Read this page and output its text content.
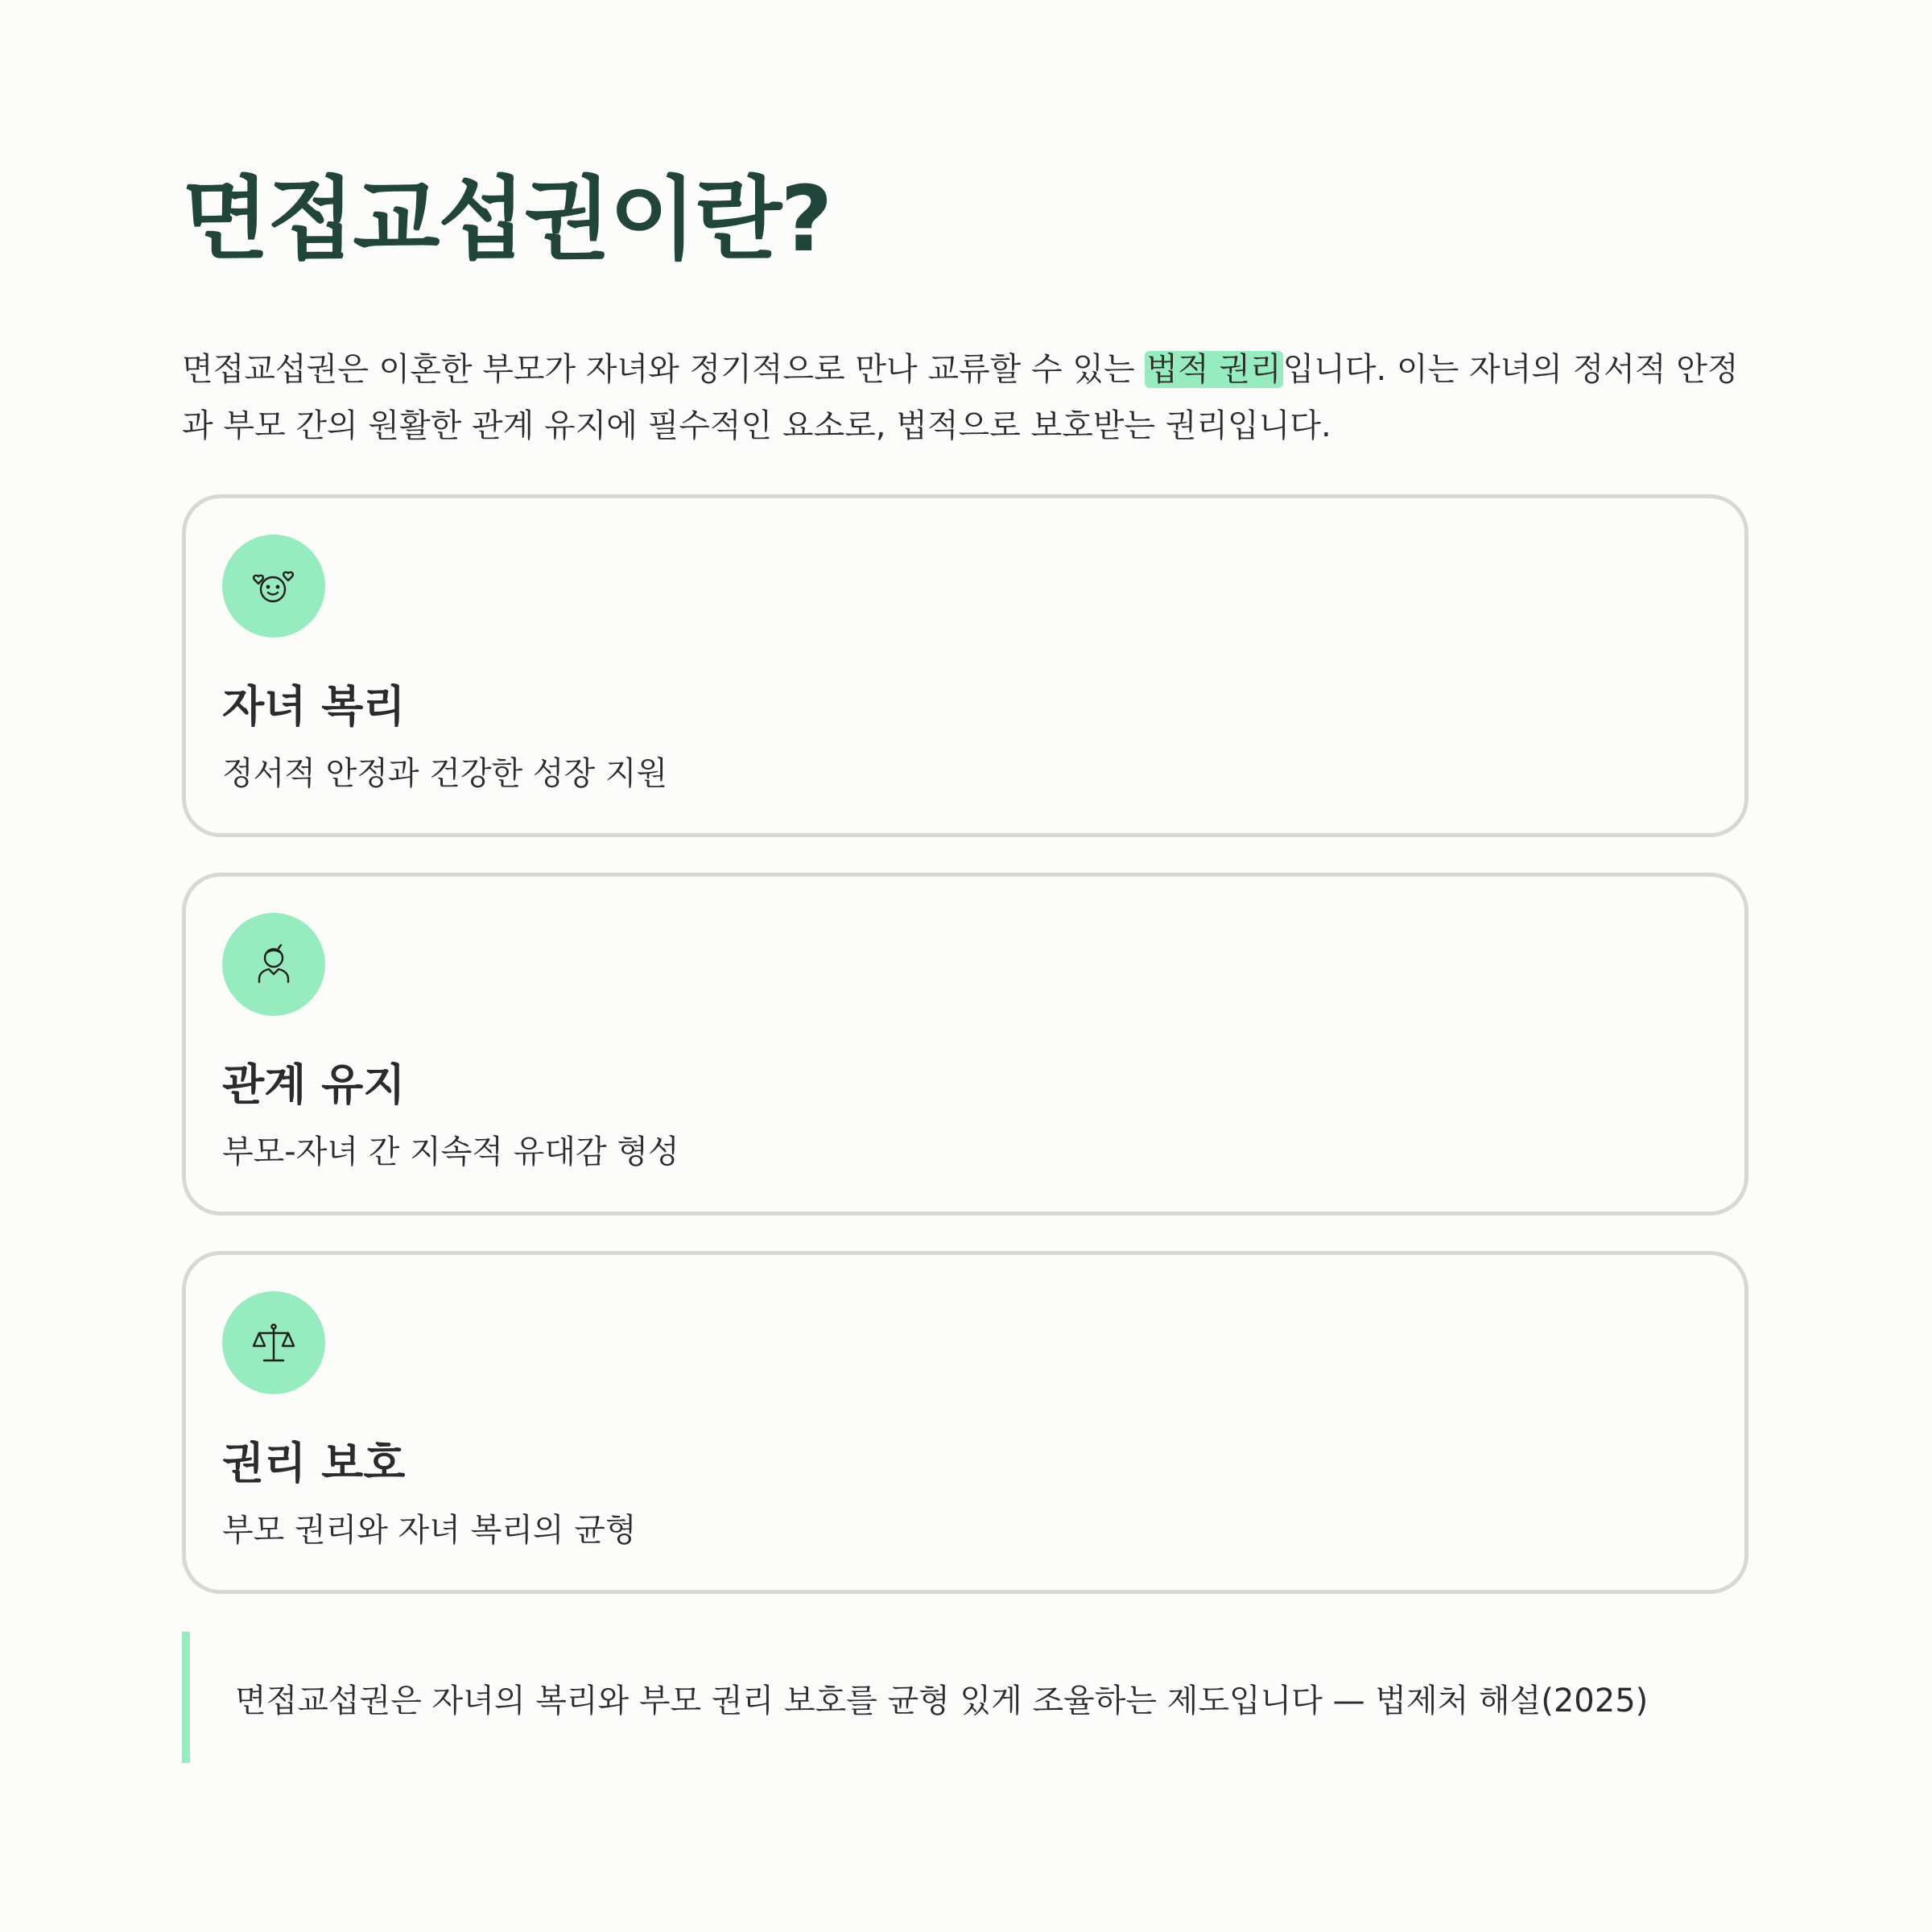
면접교섭권이란?

면접교섭권은 이혼한 부모가 자녀와 정기적으로 만나 교류할 수 있는 법적 권리입니다. 이는 자녀의 정서적 안정과 부모 간의 원활한 관계 유지에 필수적인 요소로, 법적으로 보호받는 권리입니다.

자녀 복리
정서적 안정과 건강한 성장 지원
관계 유지
부모-자녀 간 지속적 유대감 형성
권리 보호
부모 권리와 자녀 복리의 균형
면접교섭권은 자녀의 복리와 부모 권리 보호를 균형 있게 조율하는 제도입니다 — 법제처 해설(2025)
